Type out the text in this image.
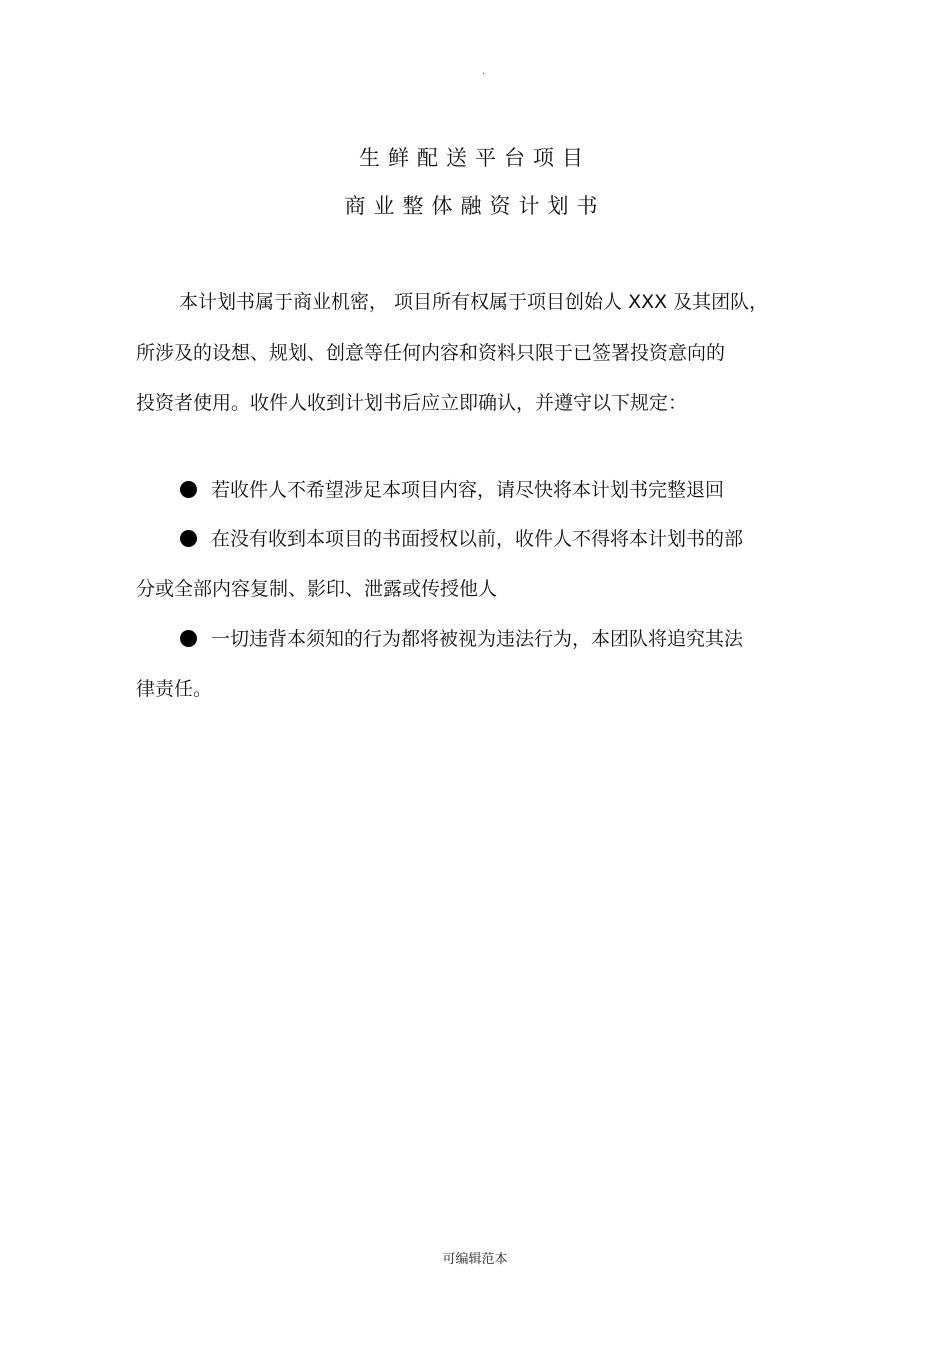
.
生鲜配送平台项目
商业整体融资计划书
本计划书属于商业机密， 项目所有权属于项目创始人 XXX 及其团队，
所涉及的设想、规划、创意等任何内容和资料只限于已签署投资意向的
投资者使用。收件人收到计划书后应立即确认，并遵守以下规定：
若收件人不希望涉足本项目内容，请尽快将本计划书完整退回
在没有收到本项目的书面授权以前，收件人不得将本计划书的部
分或全部内容复制、影印、泄露或传授他人
一切违背本须知的行为都将被视为违法行为，本团队将追究其法
律责任。
可编辑范本
